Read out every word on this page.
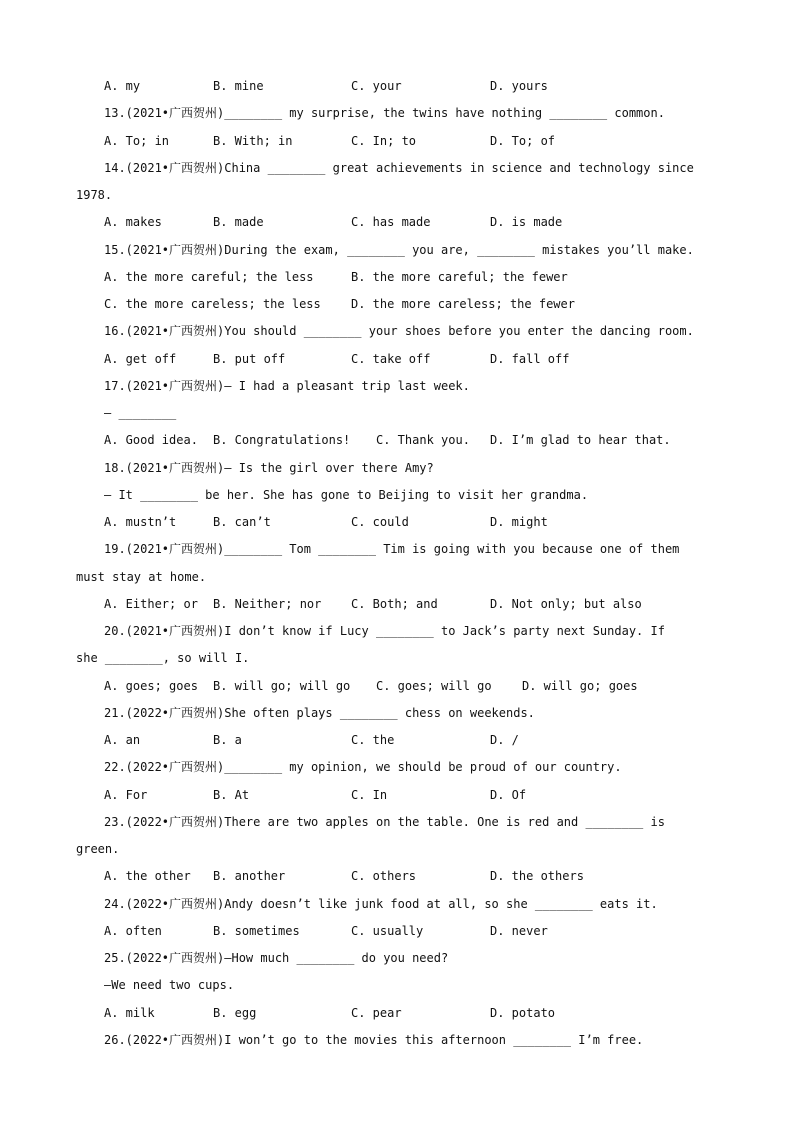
A. my	B. mine	C. your	D. yours
13.(2021•广西贺州)________ my surprise, the twins have nothing ________ common.
A. To; in	B. With; in	C. In; to	D. To; of
14.(2021•广西贺州)China ________ great achievements in science and technology since
1978.
A. makes	B. made	C. has made	D. is made
15.(2021•广西贺州)During the exam, ________ you are, ________ mistakes you’ll make.
A. the more careful; the less	B. the more careful; the fewer
C. the more careless; the less	D. the more careless; the fewer
16.(2021•广西贺州)You should ________ your shoes before you enter the dancing room.
A. get off	B. put off	C. take off	D. fall off
17.(2021•广西贺州)— I had a pleasant trip last week.
— ________
A. Good idea. B. Congratulations! C. Thank you. D. I’m glad to hear that.
18.(2021•广西贺州)— Is the girl over there Amy?
— It ________ be her. She has gone to Beijing to visit her grandma.
A. mustn’t	B. can’t	C. could	D. might
19.(2021•广西贺州)________ Tom ________ Tim is going with you because one of them
must stay at home.
A. Either; or B. Neither; nor C. Both; and	D. Not only; but also
20.(2021•广西贺州)I don’t know if Lucy ________ to Jack’s party next Sunday. If
she ________, so will I.
A. goes; goes B. will go; will go C. goes; will go	D. will go; goes
21.(2022•广西贺州)She often plays ________ chess on weekends.
A. an	B. a	C. the	D. /
22.(2022•广西贺州)________ my opinion, we should be proud of our country.
A. For	B. At	C. In	D. Of
23.(2022•广西贺州)There are two apples on the table. One is red and ________ is
green.
A. the other B. another	C. others	D. the others
24.(2022•广西贺州)Andy doesn’t like junk food at all, so she ________ eats it.
A. often	B. sometimes	C. usually	D. never
25.(2022•广西贺州)—How much ________ do you need?
—We need two cups.
A. milk	B. egg	C. pear	D. potato
26.(2022•广西贺州)I won’t go to the movies this afternoon ________ I’m free.
